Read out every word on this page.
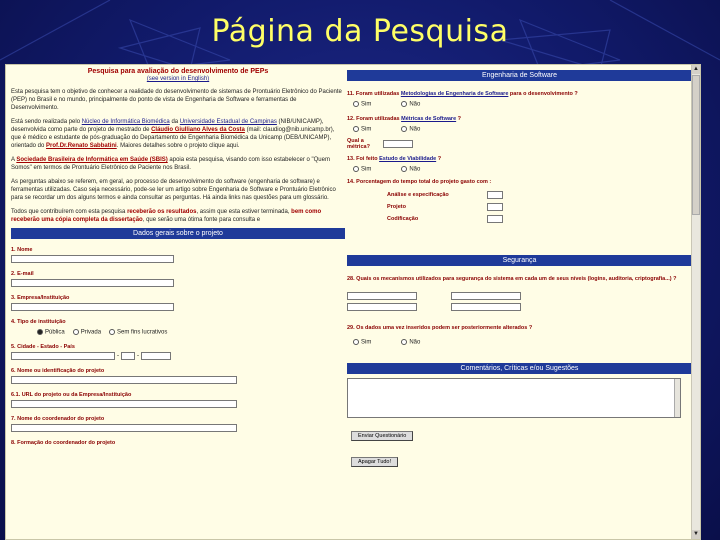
Página da Pesquisa
Pesquisa para avaliação do desenvolvimento de PEPs
(see version in English)
Esta pesquisa tem o objetivo de conhecer a realidade do desenvolvimento de sistemas de Prontuário Eletrônico do Paciente (PEP) no Brasil e no mundo, principalmente do ponto de vista de Engenharia de Software e ferramentas de Desenvolvimento.
Está sendo realizada pelo Núcleo de Informática Biomédica da Universidade Estadual de Campinas (NIB/UNICAMP), desenvolvida como parte do projeto de mestrado de Cláudio Giulliano Alves da Costa (mail: claudiog@nib.unicamp.br), que é médico e estudante de pós-graduação do Departamento de Engenharia Biomédica da Unicamp (DEB/UNICAMP), orientado do Prof.Dr.Renato Sabbatini. Maiores detalhes sobre o projeto clique aqui.
A Sociedade Brasileira de Informática em Saúde (SBIS) apoia esta pesquisa, visando com isso estabelecer o "Quem Somos" em termos de Prontuário Eletrônico de Paciente nos Brasil.
As perguntas abaixo se referem, em geral, ao processo de desenvolvimento do software (engenharia de software) e ferramentas utilizadas. Caso seja necessário, pode-se ler um artigo sobre Engenharia de Software e Prontuário Eletrônico para se recordar um dos alguns termos e ainda consultar as perguntas. Há ainda links nas questões para um glossário.
Todos que contribuírem com esta pesquisa receberão os resultados, assim que esta estiver terminada, bem como receberão uma cópia completa da dissertação, que serão uma ótima fonte para consulta e
Dados gerais sobre o projeto
1. Nome
2. E-mail
3. Empresa/Instituição
4. Tipo de instituição
Pública	Privada	Sem fins lucrativos
5. Cidade - Estado - País
-	-
6. Nome ou identificação do projeto
6.1. URL do projeto ou da Empresa/Instituição
7. Nome do coordenador do projeto
8. Formação do coordenador do projeto
Engenharia de Software
11. Foram utilizadas Metodologias de Engenharia de Software para o desenvolvimento ?
Sim	Não
12. Foram utilizadas Métricas de Software ?
Sim	Não
Qual a métrica?
13. Foi feito Estudo de Viabilidade ?
Sim	Não
14. Porcentagem do tempo total do projeto gasto com :
Análise e especificação
Projeto
Codificação
Segurança
28. Quais os mecanismos utilizados para segurança do sistema em cada um de seus níveis (logins, auditoria, criptografia...) ?
29. Os dados uma vez inseridos podem ser posteriormente alterados ?
Sim	Não
Comentários, Críticas e/ou Sugestões
Enviar Questionário
Apagar Tudo!
▲
▼
